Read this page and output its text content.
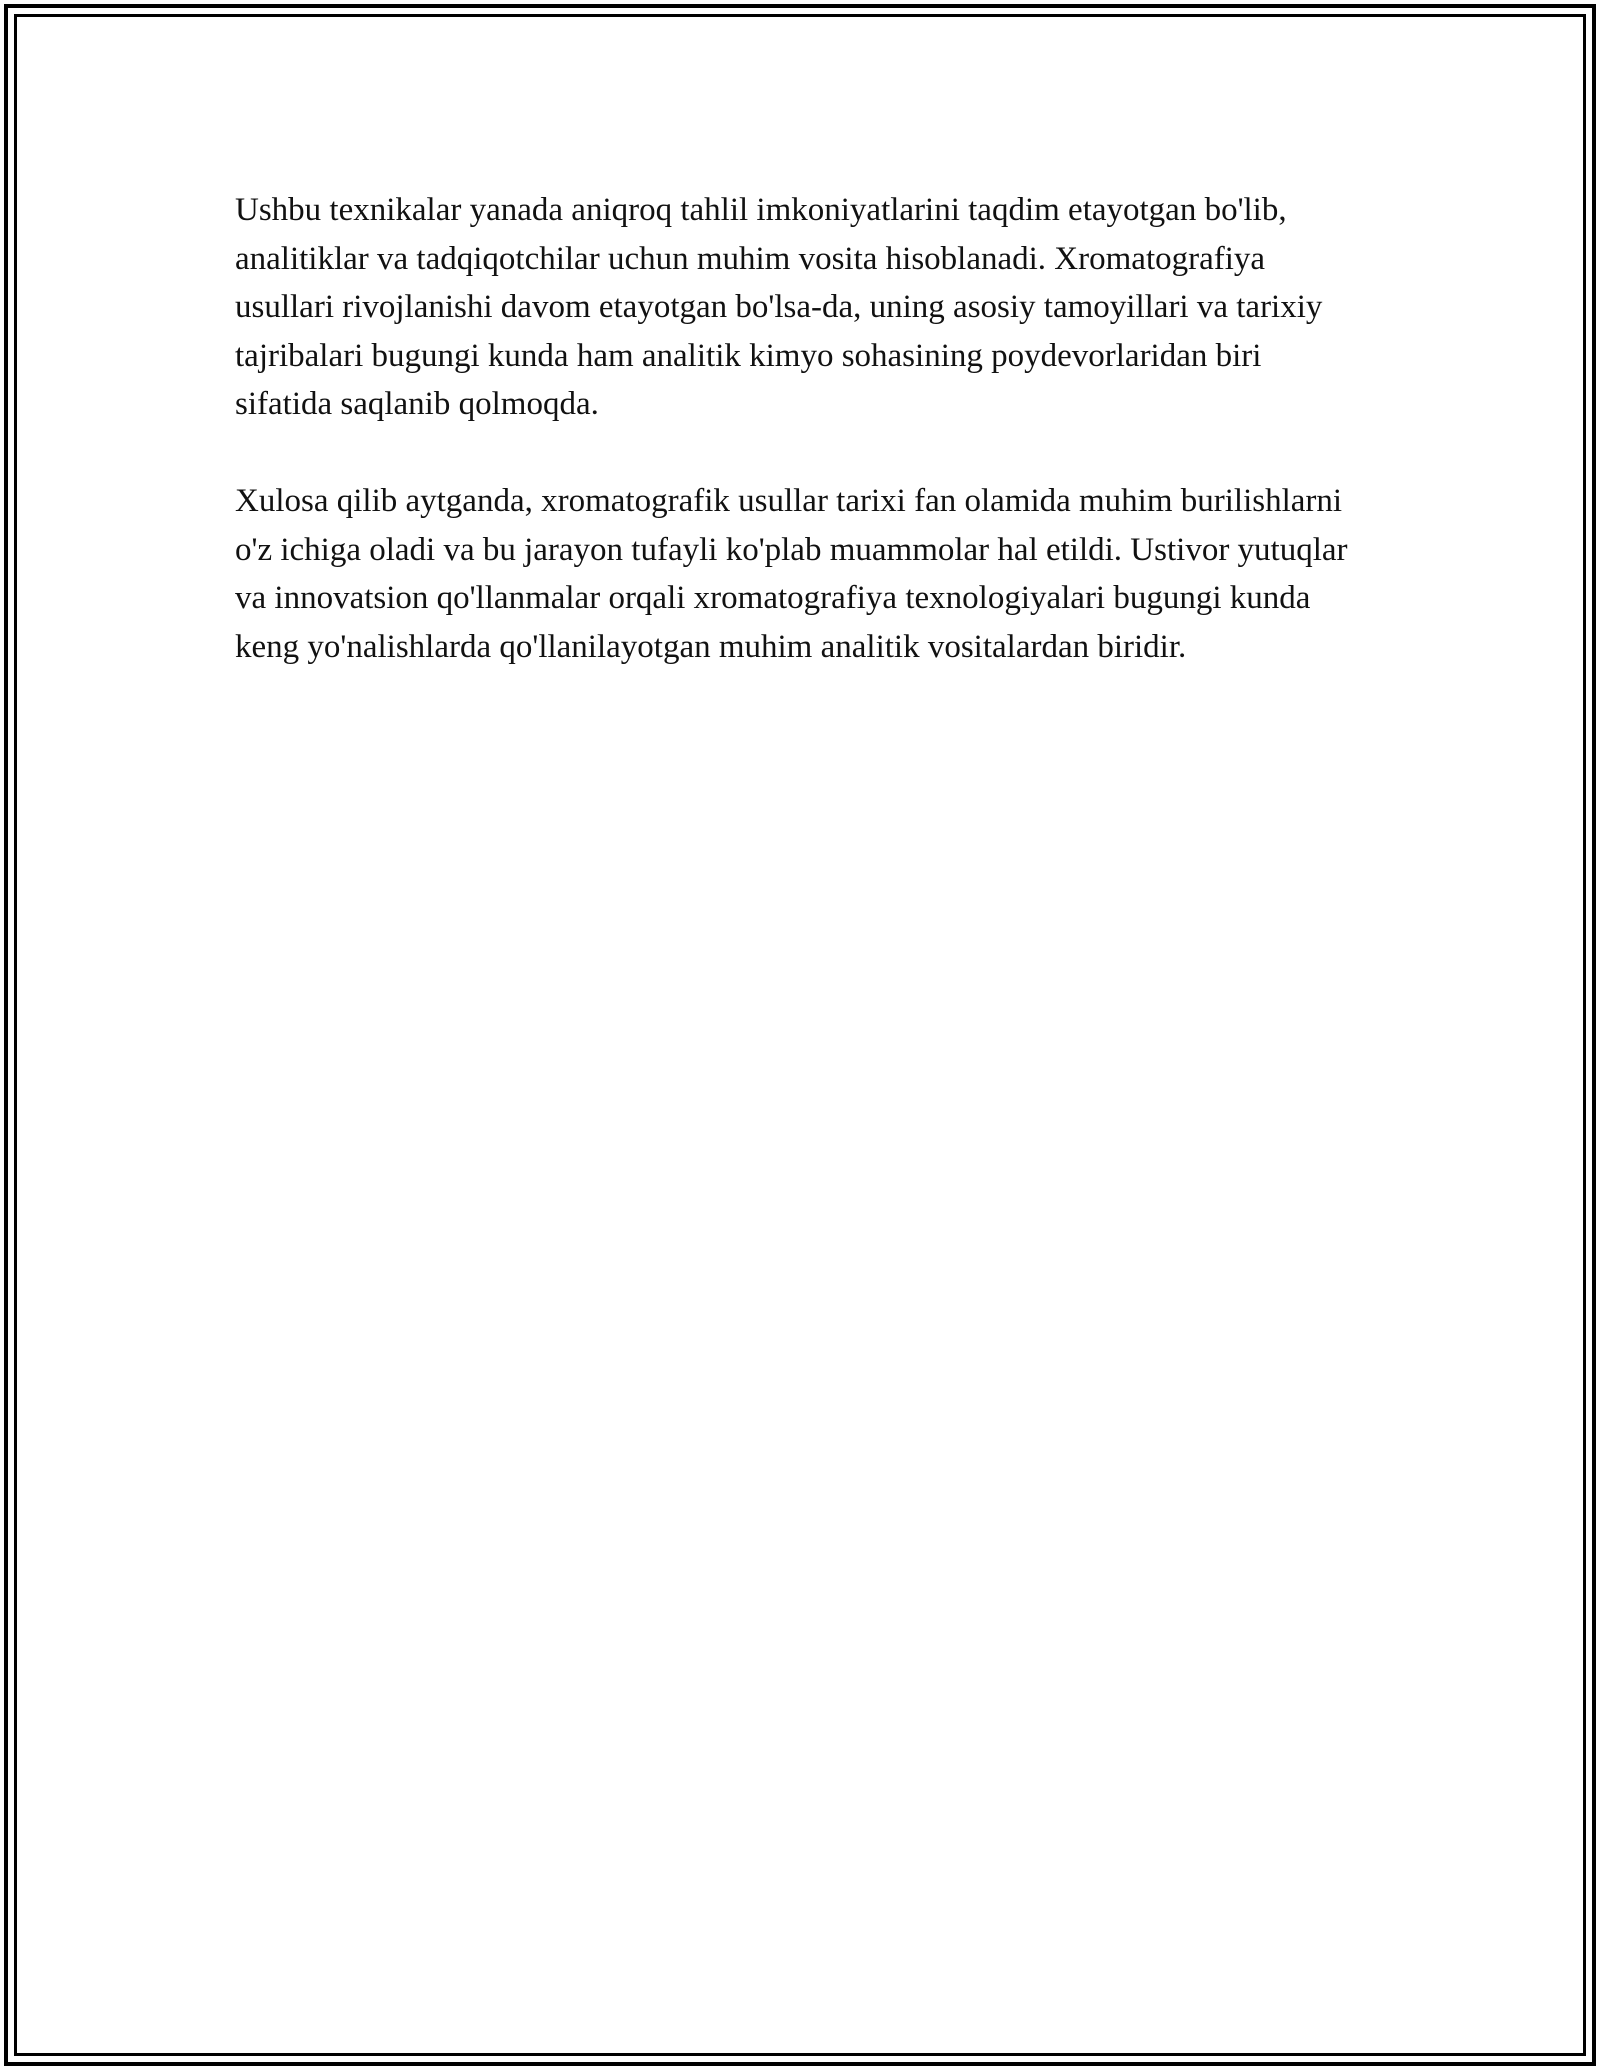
Ushbu texnikalar yanada aniqroq tahlil imkoniyatlarini taqdim etayotgan bo'lib, analitiklar va tadqiqotchilar uchun muhim vosita hisoblanadi. Xromatografiya usullari rivojlanishi davom etayotgan bo'lsa-da, uning asosiy tamoyillari va tarixiy tajribalari bugungi kunda ham analitik kimyo sohasining poydevorlaridan biri sifatida saqlanib qolmoqda.

Xulosa qilib aytganda, xromatografik usullar tarixi fan olamida muhim burilishlarni o'z ichiga oladi va bu jarayon tufayli ko'plab muammolar hal etildi. Ustivor yutuqlar va innovatsion qo'llanmalar orqali xromatografiya texnologiyalari bugungi kunda keng yo'nalishlarda qo'llanilayotgan muhim analitik vositalardan biridir.
